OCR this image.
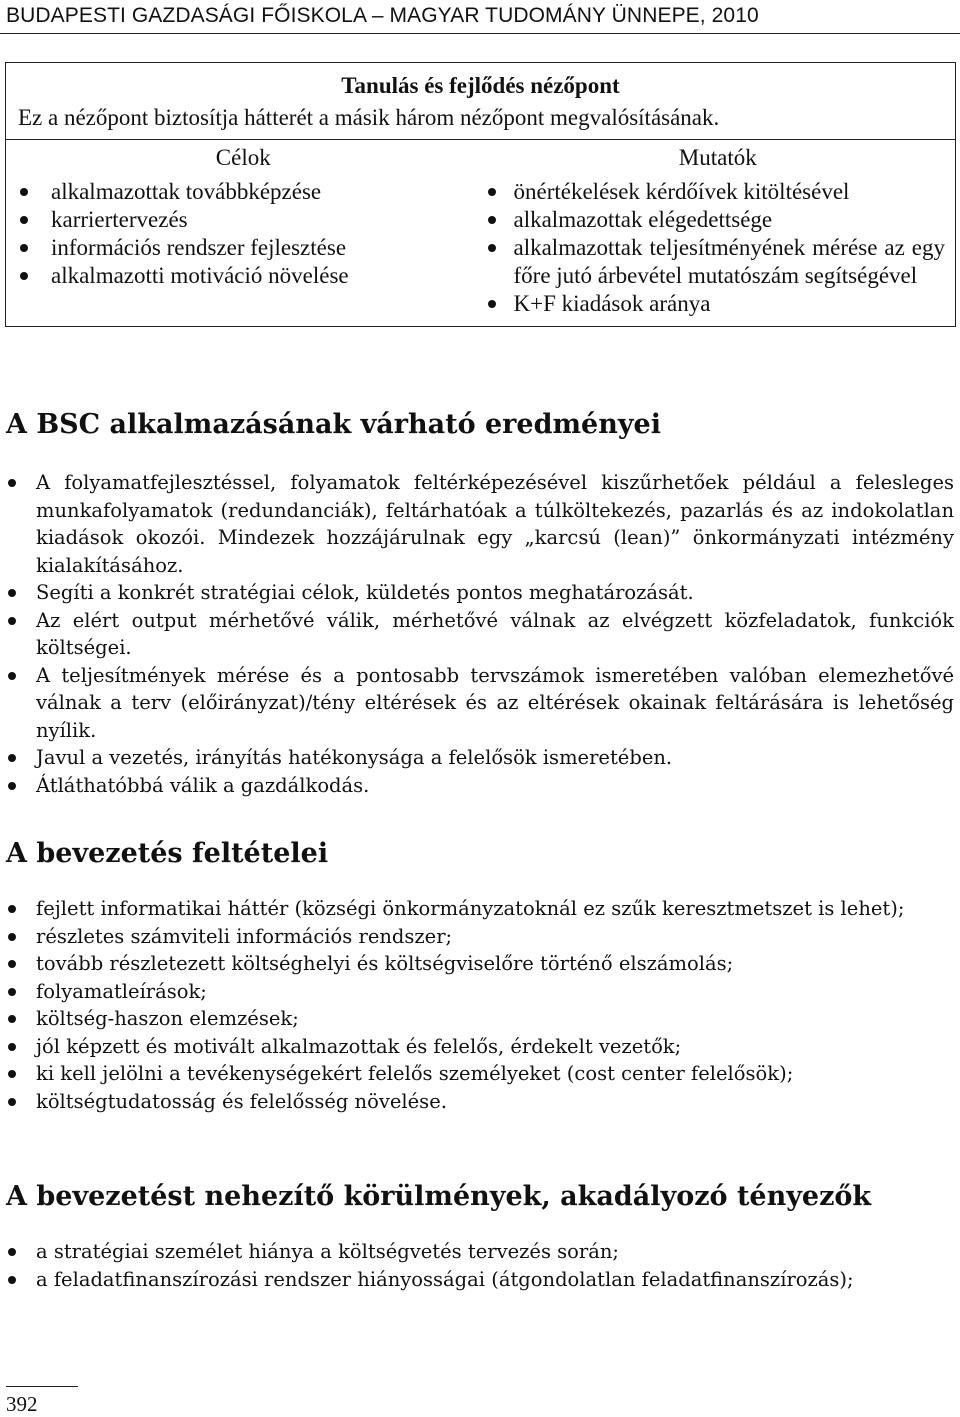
BUDAPESTI GAZDASÁGI FŐISKOLA – MAGYAR TUDOMÁNY ÜNNEPE, 2010
Tanulás és fejlődés nézőpont
Ez a nézőpont biztosítja hátterét a másik három nézőpont megvalósításának.

Célok
alkalmazottak továbbképzése
karriertervezés
információs rendszer fejlesztése
alkalmazotti motiváció növelése

Mutatók
önértékelések kérdőívek kitöltésével
alkalmazottak elégedettsége
alkalmazottak teljesítményének mérése az egy főre jutó árbevétel mutatószám segítségével
K+F kiadások aránya
A BSC alkalmazásának várható eredményei
A folyamatfejlesztéssel, folyamatok feltérképezésével kiszűrhetőek például a felesleges munkafolyamatok (redundanciák), feltárhatóak a túlköltekezés, pazarlás és az indokolatlan kiadások okozói. Mindezek hozzájárulnak egy „karcsú (lean)” önkormányzati intézmény kialakításához.
Segíti a konkrét stratégiai célok, küldetés pontos meghatározását.
Az elért output mérhetővé válik, mérhetővé válnak az elvégzett közfeladatok, funkciók költségei.
A teljesítmények mérése és a pontosabb tervszámok ismeretében valóban elemezhetővé válnak a terv (előirányzat)/tény eltérések és az eltérések okainak feltárására is lehetőség nyílik.
Javul a vezetés, irányítás hatékonysága a felelősök ismeretében.
Átláthatóbbá válik a gazdálkodás.
A bevezetés feltételei
fejlett informatikai háttér (községi önkormányzatoknál ez szűk keresztmetszet is lehet);
részletes számviteli információs rendszer;
tovább részletezett költséghelyi és költségviselőre történő elszámolás;
folyamatleírások;
költség-haszon elemzések;
jól képzett és motivált alkalmazottak és felelős, érdekelt vezetők;
ki kell jelölni a tevékenységekért felelős személyeket (cost center felelősök);
költségtudatosság és felelősség növelése.
A bevezetést nehezítő körülmények, akadályozó tényezők
a stratégiai személet hiánya a költségvetés tervezés során;
a feladatfinanszírozási rendszer hiányosságai (átgondolatlan feladatfinanszírozás);
392
